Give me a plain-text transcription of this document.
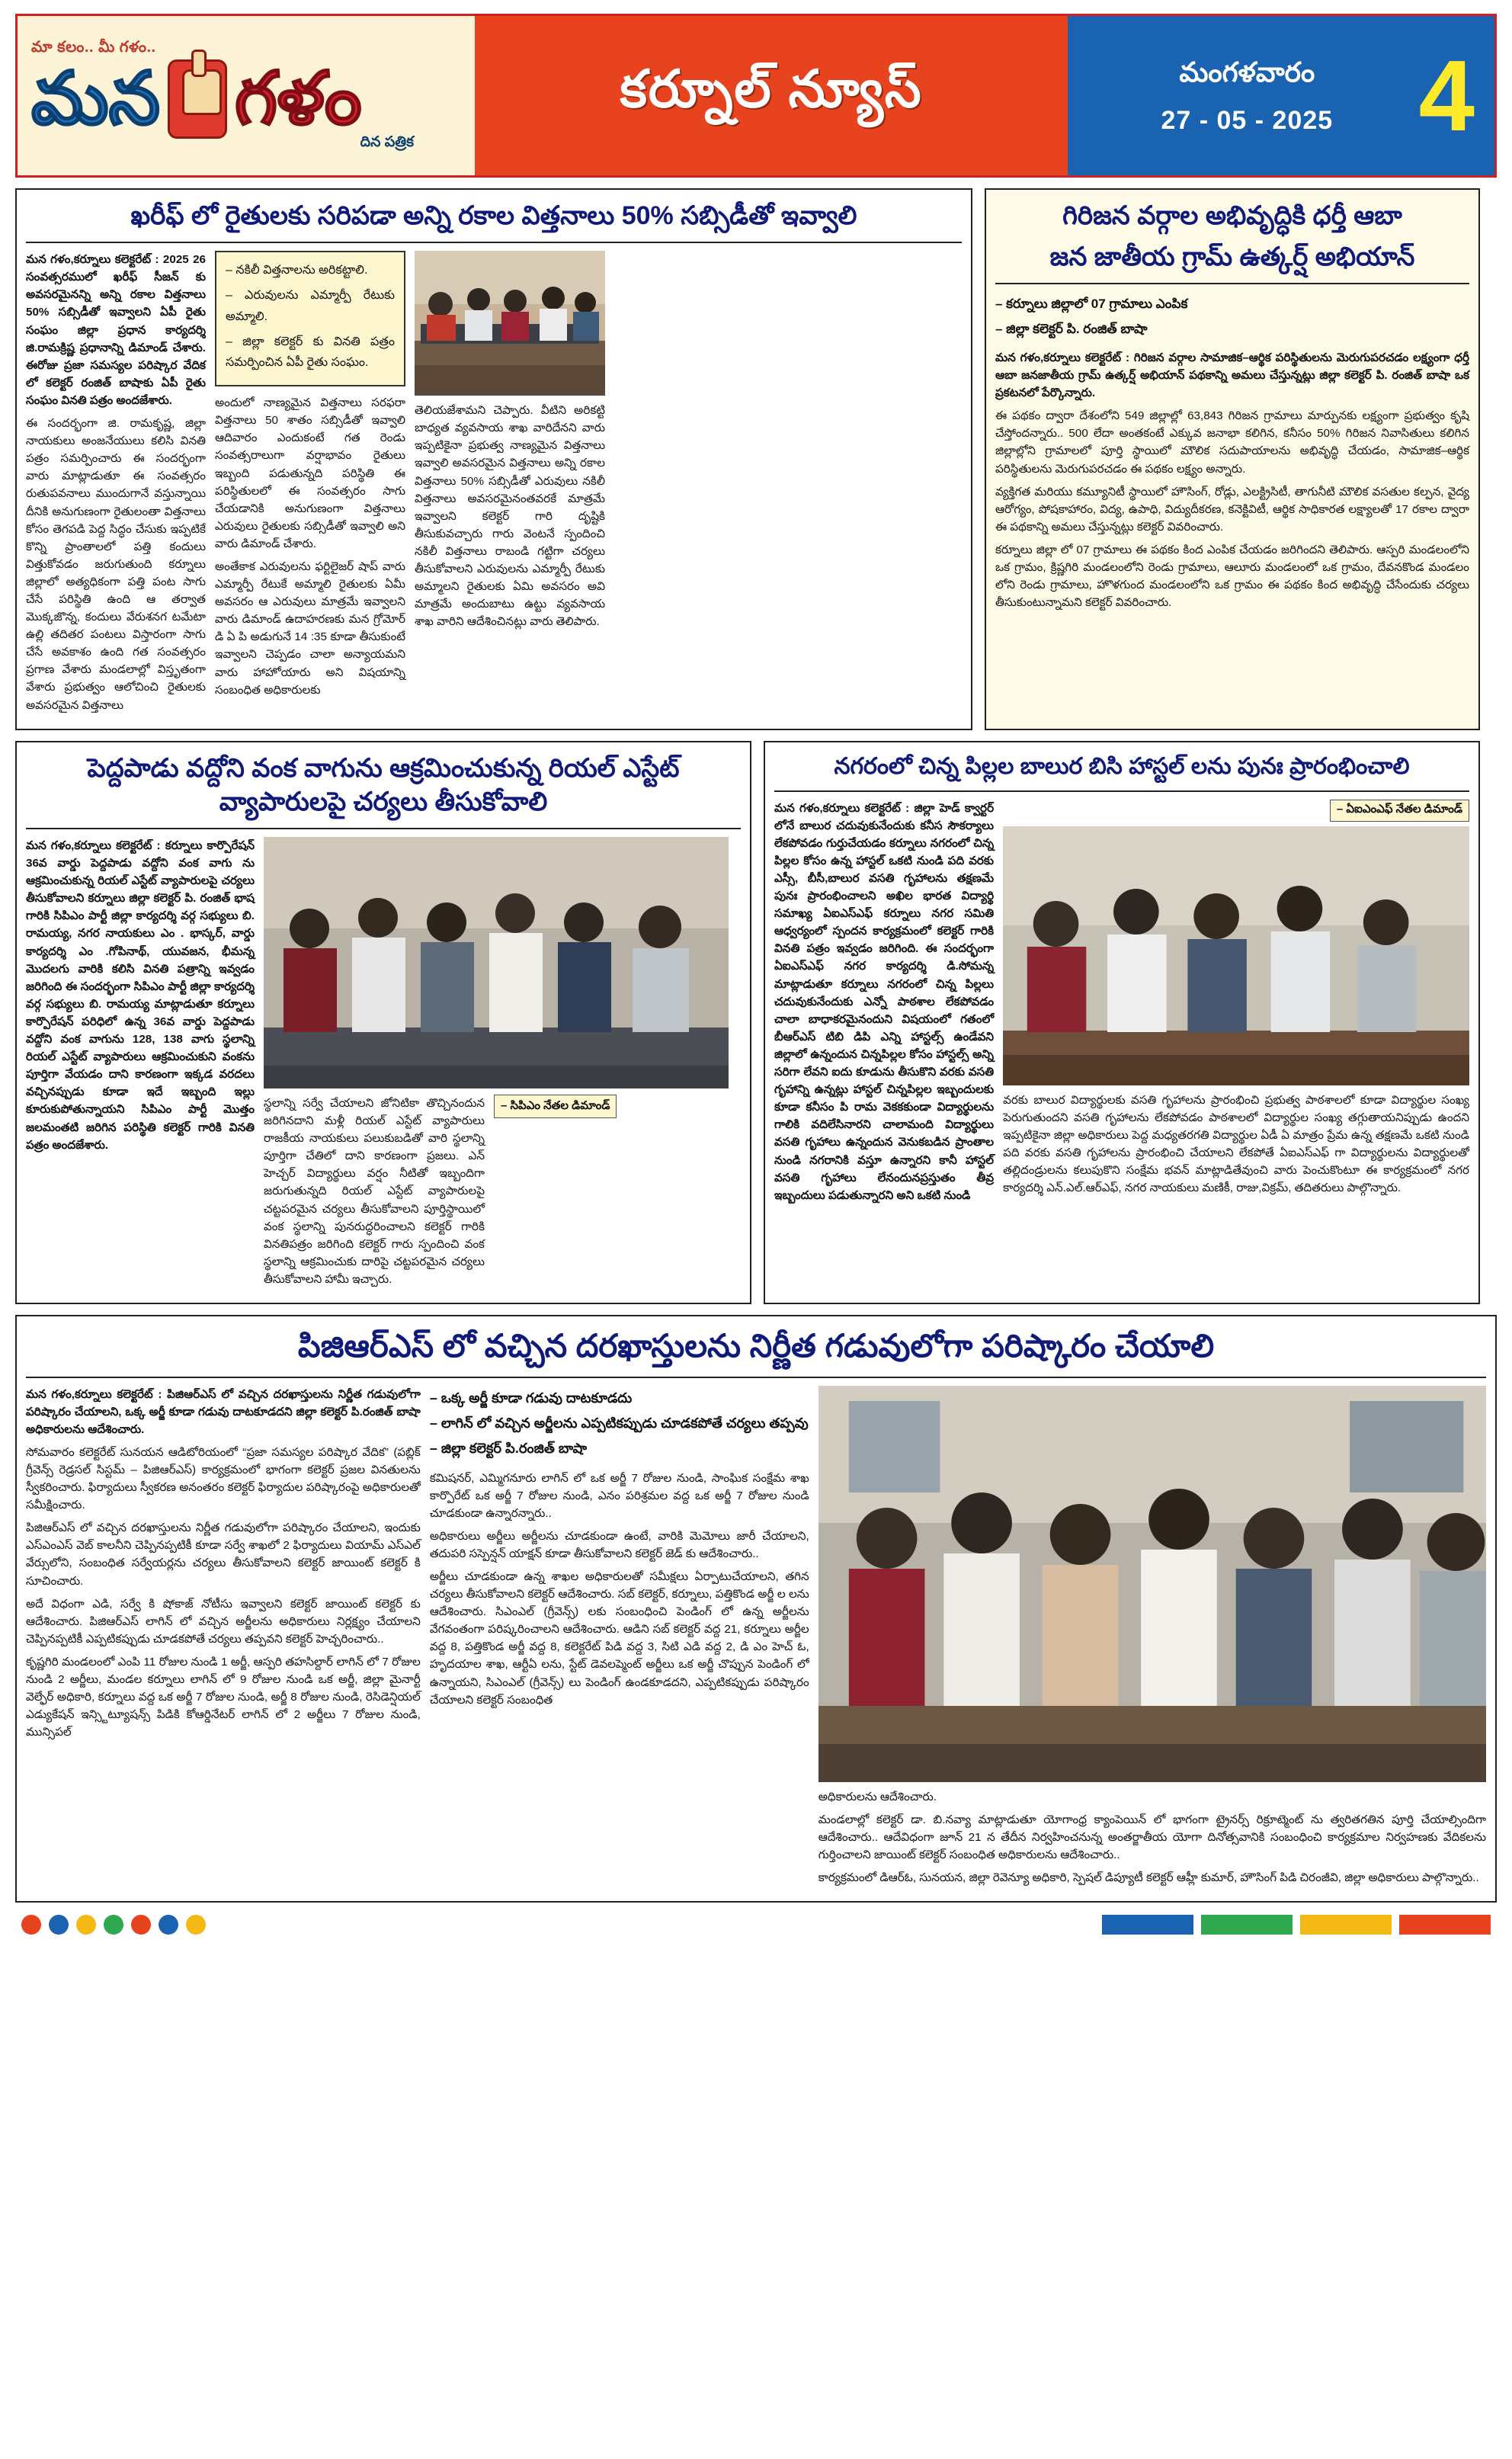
మా కలం.. మీ గళం..
మన గళం
దిన పత్రిక
కర్నూల్ న్యూస్	మంగళవారం
27 - 05 - 2025 4
ఖరీఫ్ లో రైతులకు సరిపడా అన్ని రకాల విత్తనాలు 50% సబ్సిడీతో ఇవ్వాలి

మన గళం,కర్నూలు కలెక్టరేట్ : 2025 26 సంవత్సరములో ఖరీఫ్ సీజన్ కు అవసరమైనన్ని అన్ని రకాల విత్తనాలు 50% సబ్సిడీతో ఇవ్వాలని ఏపీ రైతు సంఘం జిల్లా ప్రధాన కార్యదర్శి జి.రామక్రిష్ణ ప్రధానాన్ని డిమాండ్ చేశారు. ఈరోజు ప్రజా సమస్యల పరిష్కార వేదిక లో కలెక్టర్ రంజిత్ బాషాకు ఏపీ రైతు సంఘం వినతి పత్రం అందజేశారు.

ఈ సందర్భంగా జి. రామకృష్ణ, జిల్లా నాయకులు అంజనేయులు కలిసి వినతి పత్రం సమర్పించారు ఈ సందర్భంగా వారు మాట్లాడుతూ ఈ సంవత్సరం రుతుపవనాలు ముందుగానే వస్తున్నాయి దీనికి అనుగుణంగా రైతులంతా విత్తనాలు కోసం తెగపడి పెద్ద సిద్ధం చేసుకు ఇప్పటికే కొన్ని ప్రాంతాలలో పత్తి కందులు విత్తుకోవడం జరుగుతుంది కర్నూలు జిల్లాలో అత్యధికంగా పత్తి పంట సాగు చేసే పరిస్థితి ఉంది ఆ తర్వాత మొక్కజొన్న, కందులు వేరుశనగ టమేటా ఉల్లి తదితర పంటలు విస్తారంగా సాగు చేసే అవకాశం ఉంది గత సంవత్సరం ప్రగాణ వేశారు మండలాల్లో విస్తృతంగా వేశారు ప్రభుత్వం ఆలోచించి రైతులకు అవసరమైన విత్తనాలు

– నకిలీ విత్తనాలను అరికట్టాలి.
– ఎరువులను ఎమ్మార్పీ రేటుకు అమ్మాలి.
– జిల్లా కలెక్టర్ కు వినతి పత్రం సమర్పించిన ఏపీ రైతు సంఘం.

అందులో నాణ్యమైన విత్తనాలు సరఫరా విత్తనాలు 50 శాతం సబ్సిడీతో ఇవ్వాలి ఆదివారం ఎందుకంటే గత రెండు సంవత్సరాలుగా వర్షాభావం రైతులు ఇబ్బంది పడుతున్నది పరిస్థితి ఈ పరిస్థితులలో ఈ సంవత్సరం సాగు చేయడానికి అనుగుణంగా విత్తనాలు ఎరువులు రైతులకు సబ్సిడీతో ఇవ్వాలి అని వారు డిమాండ్ చేశారు.

అంతేకాక ఎరువులను ఫర్టిలైజర్ షాప్ వారు ఎమ్మార్పీ రేటుకే అమ్మాలి రైతులకు ఏమీ అవసరం ఆ ఎరువులు మాత్రమే ఇవ్వాలని వారు డిమాండ్ ఉదాహరణకు మన గ్రోమోర్ డి ఏ పి అడుగునే 14 :35 కూడా తీసుకుంటే ఇవ్వాలని చెప్పడం చాలా అన్యాయమని వారు హాహోయారు అని విషయాన్ని సంబంధిత అధికారులకు

తెలియజేశామని చెప్పారు. వీటిని అరికట్టి బాధ్యత వ్యవసాయ శాఖ వారిదేనని వారు ఇప్పటికైనా ప్రభుత్వ నాణ్యమైన విత్తనాలు ఇవ్వాలి అవసరమైన విత్తనాలు అన్ని రకాల విత్తనాలు 50% సబ్సిడీతో ఎరువులు నకిలీ విత్తనాలు అవసరమైనంతవరకే మాత్రమే ఇవ్వాలని కలెక్టర్ గారి దృష్టికి తీసుకువచ్చారు గారు వెంటనే స్పందించి నకిలీ విత్తనాలు రాబండి గట్టిగా చర్యలు తీసుకోవాలని ఎరువులను ఎమ్మార్పీ రేటుకు అమ్మాలని రైతులకు ఏమి అవసరం అవి మాత్రమే అందుబాటు ఉట్టు వ్యవసాయ శాఖ వారిని ఆదేశించినట్లు వారు తెలిపారు.

గిరిజన వర్గాల అభివృద్ధికి ధర్తీ ఆబా
జన జాతీయ గ్రామ్ ఉత్కర్ష్ అభియాన్
– కర్నూలు జిల్లాలో 07 గ్రామాలు ఎంపిక
– జిల్లా కలెక్టర్ పి. రంజిత్ బాషా

మన గళం,కర్నూలు కలెక్టరేట్ : గిరిజన వర్గాల సామాజిక–ఆర్థిక పరిస్థితులను మెరుగుపరచడం లక్ష్యంగా ధర్తీ ఆబా జనజాతీయ గ్రామ్ ఉత్కర్ష్ అభియాన్ పథకాన్ని అమలు చేస్తున్నట్లు జిల్లా కలెక్టర్ పి. రంజిత్ బాషా ఒక ప్రకటనలో పేర్కొన్నారు.

ఈ పథకం ద్వారా దేశంలోని 549 జిల్లాల్లో 63,843 గిరిజన గ్రామాలు మార్పునకు లక్ష్యంగా ప్రభుత్వం కృషి చేస్తోందన్నారు.. 500 లేదా అంతకంటే ఎక్కువ జనాభా కలిగిన, కనీసం 50% గిరిజన నివాసితులు కలిగిన జిల్లాల్లోని గ్రామాలలో పూర్తి స్థాయిలో మౌలిక సదుపాయాలను అభివృద్ధి చేయడం, సామాజిక–ఆర్థిక పరిస్థితులను మెరుగుపరచడం ఈ పథకం లక్ష్యం అన్నారు.

వ్యక్తిగత మరియు కమ్యూనిటీ స్థాయిలో హౌసింగ్, రోడ్లు, ఎలక్ట్రిసిటీ, తాగునీటి మౌలిక వసతుల కల్పన, వైద్య ఆరోగ్యం, పోషకాహారం, విద్య, ఉపాధి, విద్యుదీకరణ, కనెక్టివిటీ, ఆర్థిక సాధికారత లక్ష్యాలతో 17 రకాల ద్వారా ఈ పథకాన్ని అమలు చేస్తున్నట్లు కలెక్టర్ వివరించారు.

కర్నూలు జిల్లా లో 07 గ్రామాలు ఈ పథకం కింద ఎంపిక చేయడం జరిగిందని తెలిపారు. ఆస్పరి మండలంలోని ఒక గ్రామం, క్రిష్ణగిరి మండలంలోని రెండు గ్రామాలు, ఆలూరు మండలంలో ఒక గ్రామం, దేవనకొండ మండలం లోని రెండు గ్రామాలు, హొళగుంద మండలంలోని ఒక గ్రామం ఈ పథకం కింద అభివృద్ధి చేసేందుకు చర్యలు తీసుకుంటున్నామని కలెక్టర్ వివరించారు.

పెద్దపాడు వద్దోని వంక వాగును ఆక్రమించుకున్న రియల్ ఎస్టేట్ వ్యాపారులపై చర్యలు తీసుకోవాలి

మన గళం,కర్నూలు కలెక్టరేట్ : కర్నూలు కార్పొరేషన్ 36వ వార్డు పెద్దపాడు వద్దోని వంక వాగు ను ఆక్రమించుకున్న రియల్ ఎస్టేట్ వ్యాపారులపై చర్యలు తీసుకోవాలని కర్నూలు జిల్లా కలెక్టర్ పి. రంజిత్ భాష గారికి సిపిఎం పార్టీ జిల్లా కార్యదర్శి వర్గ సభ్యులు బి. రామయ్య, నగర నాయకులు ఎం . భాస్కర్, వార్డు కార్యదర్శి ఎం .గోపినాథ్, యువజన, భీమన్న మొదలగు వారికి కలిసి వినతి పత్రాన్ని ఇవ్వడం జరిగింది ఈ సందర్భంగా సిపిఎం పార్టీ జిల్లా కార్యదర్శి వర్గ సభ్యులు బి. రామయ్య మాట్లాడుతూ కర్నూలు కార్పొరేషన్ పరిధిలో ఉన్న 36వ వార్డు పెద్దపాడు వద్దోని వంక వాగును 128, 138 వాగు స్థలాన్ని రియల్ ఎస్టేట్ వ్యాపారులు ఆక్రమించుకుని వంకను పూర్తిగా వేయడం దాని కారణంగా ఇక్కడ వరదలు వచ్చినప్పుడు కూడా ఇదే ఇబ్బంది ఇల్లు కూరుకుపోతున్నాయని సిపిఎం పార్టీ మొత్తం జలమంతటి జరిగిన పరిస్థితి కలెక్టర్ గారికి వినతి పత్రం అందజేశారు.

స్థలాన్ని సర్వే చేయాలని జోనిటికా తొచ్చినందున జరిగినదాని మళ్లీ రియల్ ఎస్టేట్ వ్యాపారులు రాజకీయ నాయకులు పలుకుబడితో వారి స్థలాన్ని పూర్తిగా చేతిలో దాని కారణంగా ప్రజలు. ఎన్ హెచ్చర్ విద్యార్థులు వర్షం నీటితో ఇబ్బందిగా జరుగుతున్నది రియల్ ఎస్టేట్ వ్యాపారులపై చట్టపరమైన చర్యలు తీసుకోవాలని పూర్తిస్థాయిలో వంక స్థలాన్ని పునరుద్ధరించాలని కలెక్టర్ గారికి వినతిపత్రం జరిగింది కలెక్టర్ గారు స్పందించి వంక స్థలాన్ని ఆక్రమించుకు దారిపై చట్టపరమైన చర్యలు తీసుకోవాలని హామీ ఇచ్చారు.

– సిపిఎం నేతల డిమాండ్
నగరంలో చిన్న పిల్లల బాలుర బిసి హాస్టల్ లను పునః ప్రారంభించాలి

మన గళం,కర్నూలు కలెక్టరేట్ : జిల్లా హెడ్ క్వార్టర్ లోనే బాలుర చదువుకునేందుకు కనీస సౌకర్యాలు లేకపోవడం గుర్తుచేయడం కర్నూలు నగరంలో చిన్న పిల్లల కోసం ఉన్న హాస్టల్ ఒకటి నుండి పది వరకు ఎస్సీ, బీసీ,బాలుర వసతి గృహాలను తక్షణమే పునః ప్రారంభించాలని అఖిల భారత విద్యార్థి సమాఖ్య ఏఐఎస్ఎఫ్ కర్నూలు నగర సమితి ఆధ్వర్యంలో స్పందన కార్యక్రమంలో కలెక్టర్ గారికి వినతి పత్రం ఇవ్వడం జరిగింది. ఈ సందర్భంగా ఏఐఎస్ఎఫ్ నగర కార్యదర్శి డి.సోమన్న మాట్లాడుతూ కర్నూలు నగరంలో చిన్న పిల్లలు చదువుకునేందుకు ఎన్నో పాఠశాల లేకపోవడం చాలా బాధాకరమైనందుని విషయంలో గతంలో బీఆర్ఎస్ టిబి డిపి ఎన్ని హాస్టల్స్ ఉండేవని జిల్లాలో ఉన్నందున చిన్నపిల్లల కోసం హాస్టల్స్ అన్ని సరిగా లేవని ఐదు కూడును తీసుకొని వరకు వసతి గృహాన్ని ఉన్నట్లు హాస్టల్ చిన్నపిల్లల ఇబ్బందులకు కూడా కనీసం పి రామ వెకకకుండా విద్యార్థులను గాలికి వదిలేసినారని చాలామంది విద్యార్థులు వసతి గృహాలు ఉన్నందున వెనుకబడిన ప్రాంతాల నుండి నగరానికి వస్తూ ఉన్నారని కానీ హాస్టల్ వసతి గృహాలు లేనందునప్రస్తుతం తీవ్ర ఇబ్బందులు పడుతున్నారని అని ఒకటి నుండి

– ఏఐఎంఎఫ్ నేతల డిమాండ్

వరకు బాలుర విద్యార్థులకు వసతి గృహాలను ప్రారంభించి ప్రభుత్వ పాఠశాలలో కూడా విద్యార్థుల సంఖ్య పెరుగుతుందని వసతి గృహాలను లేకపోవడం పాఠశాలలో విద్యార్థుల సంఖ్య తగ్గుతాయనిప్పుడు ఉందని ఇప్పటికైనా జిల్లా అధికారులు పెద్ద మధ్యతరగతి విద్యార్థుల ఏడీ ఏ మాత్రం ప్రేమ ఉన్న తక్షణమే ఒకటి నుండి పది వరకు వసతి గృహాలను ప్రారంభించి చేయాలని లేకపోతే ఏఐఎస్ఎఫ్ గా విద్యార్థులను విద్యార్థులతో తల్లిదండ్రులను కలుపుకొని సంక్షేమ భవన్ మాట్లాడితేవుంచి వారు పెంచుకొంటూ ఈ కార్యక్రమంలో నగర కార్యదర్శి ఎన్.ఎల్.ఆర్ఎఫ్, నగర నాయకులు మణికీ, రాజు,విక్రమ్, తదితరులు పాల్గొన్నారు.

పిజిఆర్ఎస్ లో వచ్చిన దరఖాస్తులను నిర్ణీత గడువులోగా పరిష్కారం చేయాలి

మన గళం,కర్నూలు కలెక్టరేట్ : పిజిఆర్ఎస్ లో వచ్చిన దరఖాస్తులను నిర్ణీత గడువులోగా పరిష్కారం చేయాలని, ఒక్క అర్జీ కూడా గడువు దాటకూడదని జిల్లా కలెక్టర్ పి.రంజిత్ బాషా అధికారులను ఆదేశించారు.

సోమవారం కలెక్టరేట్ సునయన ఆడిటోరియంలో “ప్రజా సమస్యల పరిష్కార వేదిక” (పబ్లిక్ గ్రీవెన్స్ రెడ్రసల్ సిస్టమ్ – పిజిఆర్ఎస్) కార్యక్రమంలో భాగంగా కలెక్టర్ ప్రజల వినతులను స్వీకరించారు. ఫిర్యాదులు స్వీకరణ అనంతరం కలెక్టర్ ఫిర్యాదుల పరిష్కారంపై అధికారులతో సమీక్షించారు.

పిజిఆర్ఎస్ లో వచ్చిన దరఖాస్తులను నిర్ణీత గడువులోగా పరిష్కారం చేయాలని, ఇందుకు ఎస్ఎంఎస్ వెబ్ కాలనీని చెప్పినప్పటికీ కూడా సర్వే శాఖలో 2 ఫిర్యాదులు వియామ్ ఎస్ఎల్ వేర్సులోని, సంబంధిత సర్వేయర్లను చర్యలు తీసుకోవాలని కలెక్టర్ జాయింట్ కలెక్టర్ కి సూచించారు.

అదే విధంగా ఎడి, సర్వే కి షోకాజ్ నోటీసు ఇవ్వాలని కలెక్టర్ జాయింట్ కలెక్టర్ కు ఆదేశించారు. పిజిఆర్ఎస్ లాగిన్ లో వచ్చిన అర్జీలను అధికారులు నిర్లక్ష్యం చేయాలని చెప్పినప్పటికీ ఎప్పటికప్పుడు చూడకపోతే చర్యలు తప్పవని కలెక్టర్ హెచ్చరించారు..

కృష్ణగిరి మండలంలో ఎంపి 11 రోజుల నుండి 1 అర్జీ, ఆస్పరి తహసిల్దార్ లాగిన్ లో 7 రోజుల నుండి 2 అర్జీలు, మండల కర్నూలు లాగిన్ లో 9 రోజుల నుండి ఒక అర్జీ, జిల్లా మైనార్టీ వెల్ఫేర్ అధికారి, కర్నూలు వద్ద ఒక అర్జీ 7 రోజుల నుండి, అర్జీ 8 రోజుల నుండి, రెసిడెన్షియల్ ఎడ్యుకేషన్ ఇన్స్టిట్యూషన్స్ పిడికి కోఆర్డినేటర్ లాగిన్ లో 2 అర్జీలు 7 రోజుల నుండి, మున్సిపల్

– ఒక్క అర్జీ కూడా గడువు దాటకూడదు
– లాగిన్ లో వచ్చిన అర్జీలను ఎప్పటికప్పుడు చూడకపోతే చర్యలు తప్పవు
– జిల్లా కలెక్టర్ పి.రంజిత్ బాషా

కమిషనర్, ఎమ్మిగనూరు లాగిన్ లో ఒక అర్జీ 7 రోజుల నుండి, సాంఘిక సంక్షేమ శాఖ కార్పొరేట్ ఒక అర్జీ 7 రోజుల నుండి, ఎనం పరిశ్రమల వద్ద ఒక అర్జీ 7 రోజుల నుండి చూడకుండా ఉన్నారన్నారు..

అధికారులు అర్జీలు అర్జీలను చూడకుండా ఉంటే, వారికి మెమోలు జారీ చేయాలని, తదుపరి సస్పెన్షన్ యాక్షన్ కూడా తీసుకోవాలని కలెక్టర్ జెడ్ కు ఆదేశించారు..

అర్జీలు చూడకుండా ఉన్న శాఖల అధికారులతో సమీక్షలు ఏర్పాటుచేయాలని, తగిన చర్యలు తీసుకోవాలని కలెక్టర్ ఆదేశించారు. సబ్ కలెక్టర్, కర్నూలు, పత్తికొండ అర్జీ ల లను ఆదేశించారు. సిఎంఎల్ (గ్రీవెన్స్) లకు సంబంధించి పెండింగ్ లో ఉన్న అర్జీలను వేగవంతంగా పరిష్కరించాలని ఆదేశించారు. ఆడిని సబ్ కలెక్టర్ వద్ద 21, కర్నూలు అర్జీల వద్ద 8, పత్తికొండ అర్జీ వద్ద 8, కలెక్టరేట్ పిడి వద్ద 3, సిటి ఎడి వద్ద 2, డి ఎం హెచ్ ఓ, హృదయాల శాఖ, ఆర్టీఏ లను, స్టేట్ డెవలప్మెంట్ అర్జీలు ఒక అర్జీ చొప్పున పెండింగ్ లో ఉన్నాయని, సిఎంఎల్ (గ్రీవెన్స్) లు పెండింగ్ ఉండకూడదని, ఎప్పటికప్పుడు పరిష్కారం చేయాలని కలెక్టర్ సంబంధిత

అధికారులను ఆదేశించారు.

మండలాల్లో కలెక్టర్ డా. బి.నవ్యా మాట్లాడుతూ యోగాంధ్ర క్యాంపెయిన్ లో భాగంగా ట్రైనర్స్ రిక్రూట్మెంట్ ను త్వరితగతిన పూర్తి చేయాల్సిందిగా ఆదేశించారు.. ఆదేవిధంగా జూన్ 21 న తేదీన నిర్వహించనున్న అంతర్జాతీయ యోగా దినోత్సవానికి సంబంధించి కార్యక్రమాల నిర్వహణకు వేదికలను గుర్తించాలని జాయింట్ కలెక్టర్ సంబంధిత అధికారులను ఆదేశించారు..

కార్యక్రమంలో డిఆర్ఓ, సునయన, జిల్లా రెవెన్యూ అధికారి, స్పెషల్ డిప్యూటీ కలెక్టర్ ఆహ్లీ కుమార్, హౌసింగ్ పిడి చిరంజీవి, జిల్లా అధికారులు పాల్గొన్నారు..
